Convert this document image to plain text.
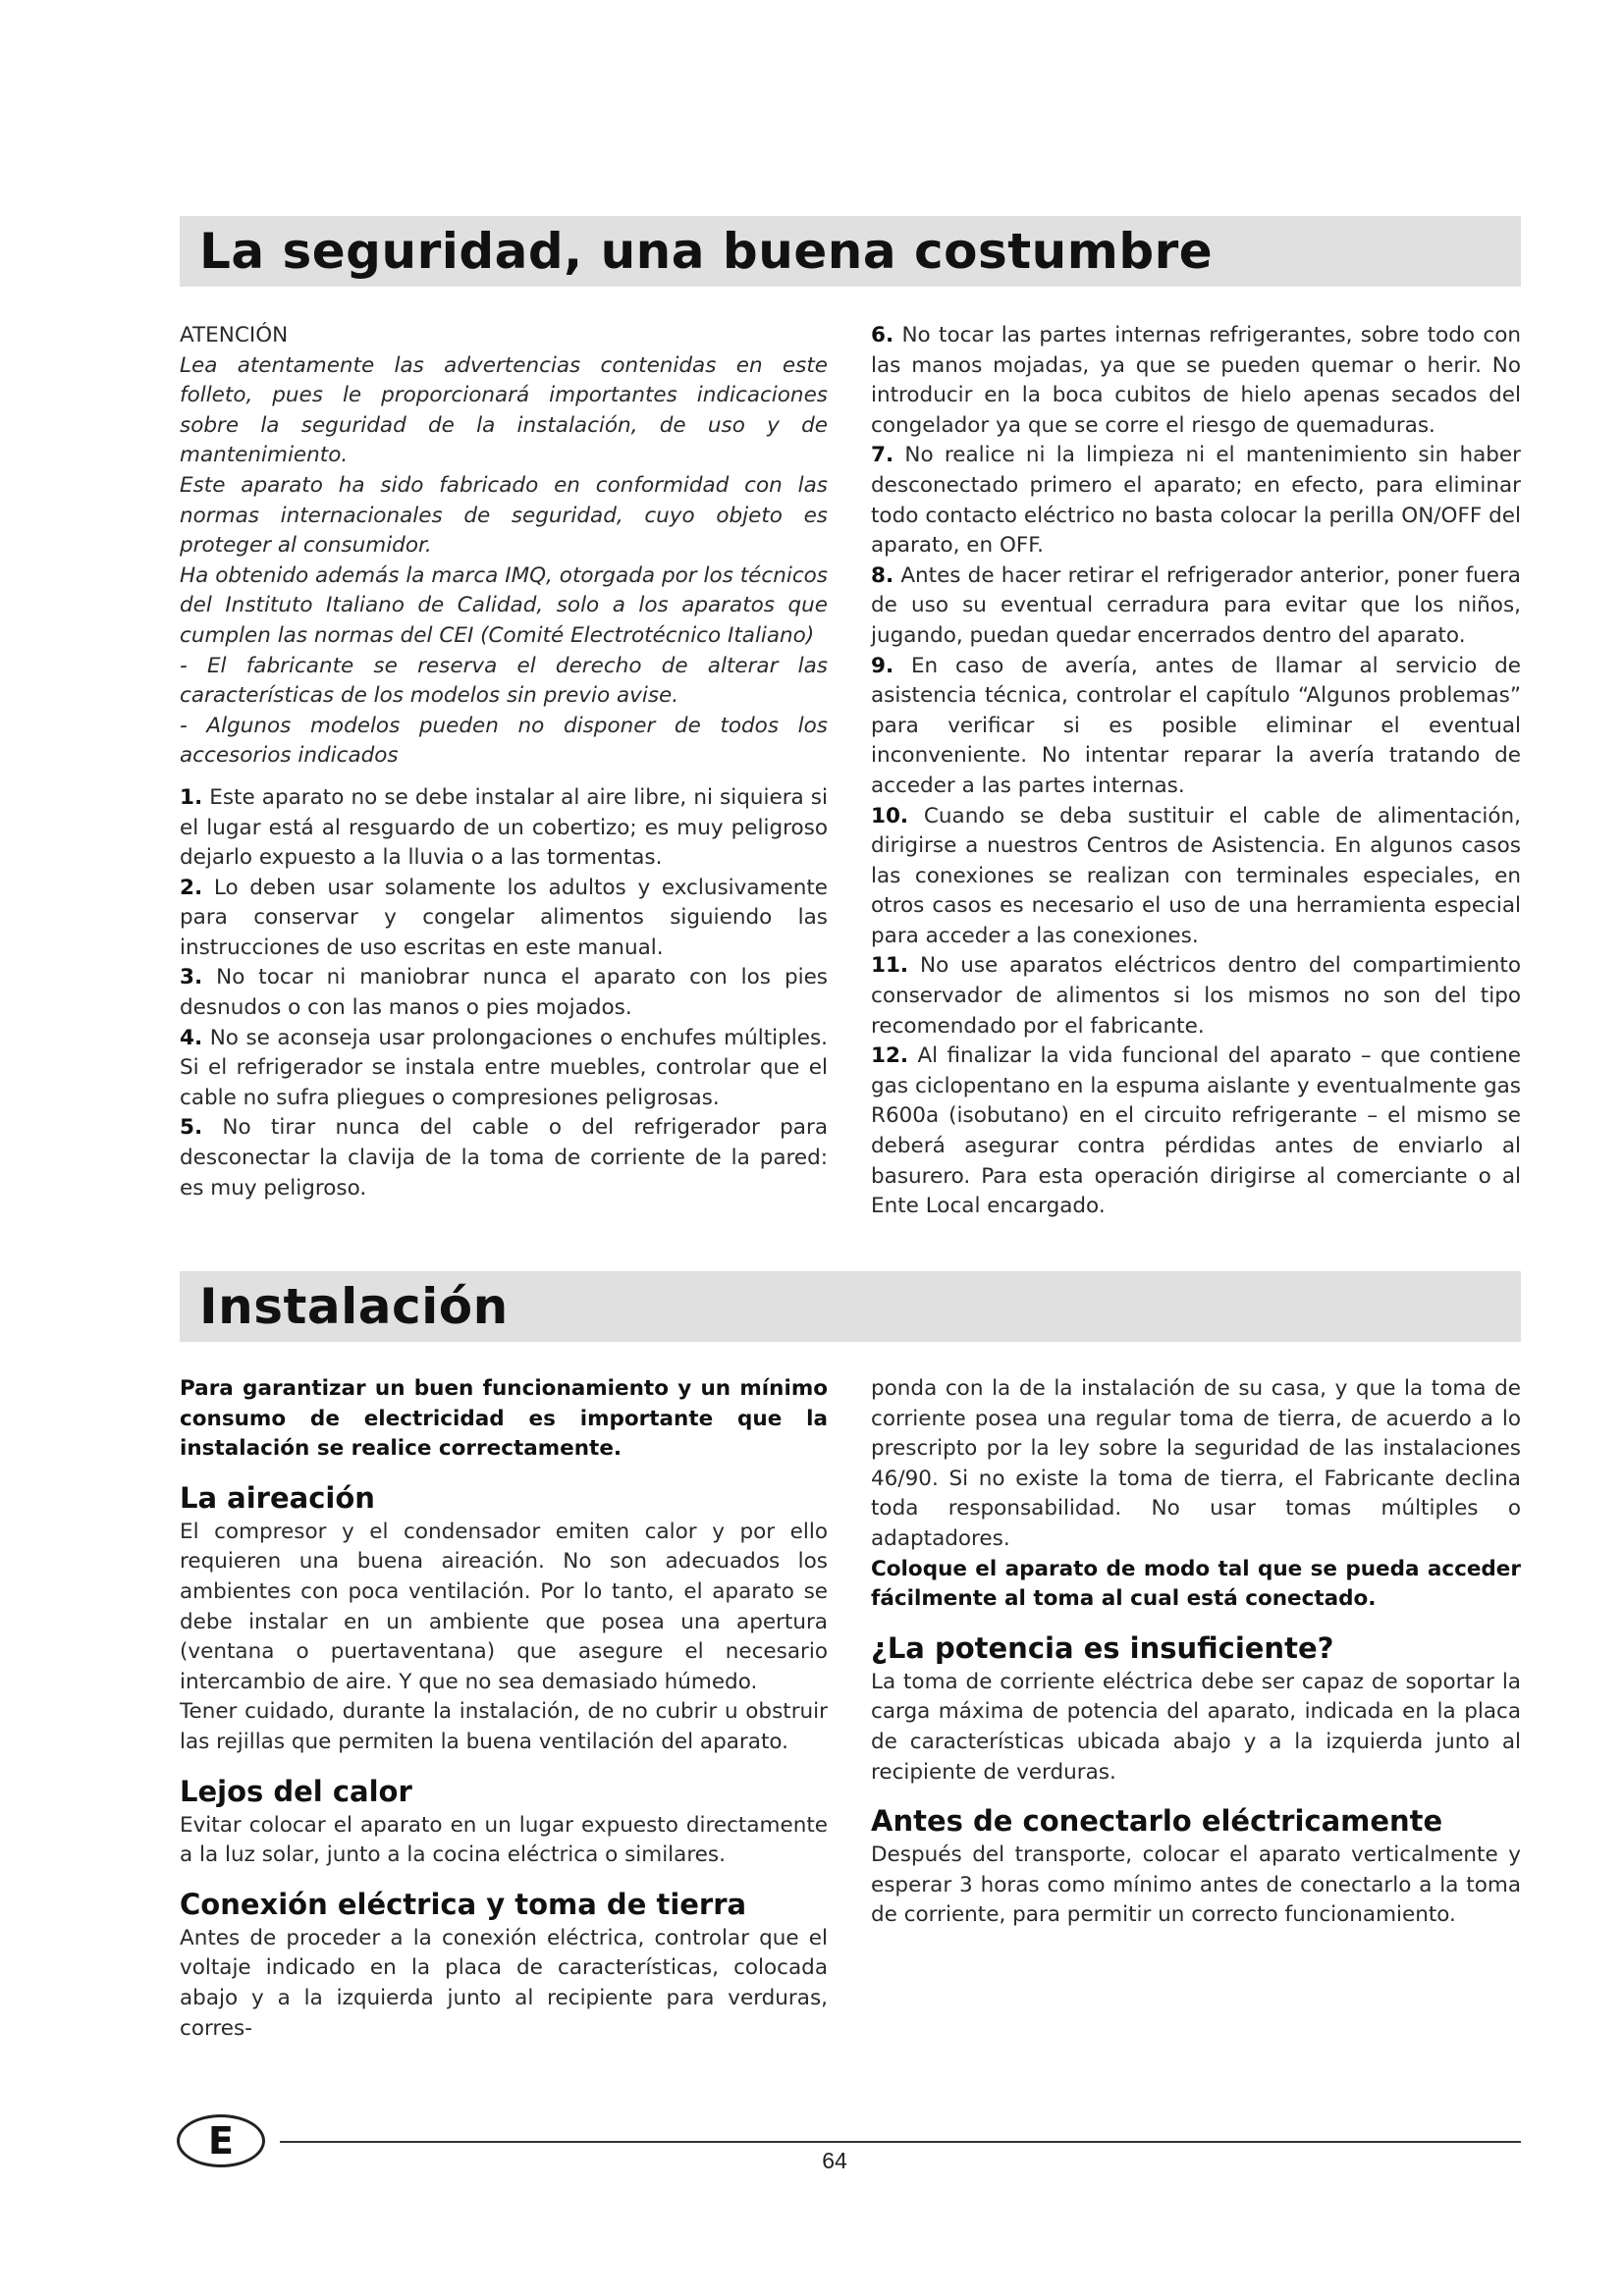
La seguridad, una buena costumbre

ATENCIÓN

Lea atentamente las advertencias contenidas en este folleto, pues le proporcionará importantes indicaciones sobre la seguridad de la instalación, de uso y de mantenimiento.

Este aparato ha sido fabricado en conformidad con las normas internacionales de seguridad, cuyo objeto es proteger al consumidor.

Ha obtenido además la marca IMQ, otorgada por los técnicos del Instituto Italiano de Calidad, solo a los aparatos que cumplen las normas del CEI (Comité Electrotécnico Italiano)

- El fabricante se reserva el derecho de alterar las características de los modelos sin previo avise.

- Algunos modelos pueden no disponer de todos los accesorios indicados

1. Este aparato no se debe instalar al aire libre, ni siquiera si el lugar está al resguardo de un cobertizo; es muy peligroso dejarlo expuesto a la lluvia o a las tormentas.

2. Lo deben usar solamente los adultos y exclusivamente para conservar y congelar alimentos siguiendo las instrucciones de uso escritas en este manual.

3. No tocar ni maniobrar nunca el aparato con los pies desnudos o con las manos o pies mojados.

4. No se aconseja usar prolongaciones o enchufes múltiples. Si el refrigerador se instala entre muebles, controlar que el cable no sufra pliegues o compresiones peligrosas.

5. No tirar nunca del cable o del refrigerador para desconectar la clavija de la toma de corriente de la pared: es muy peligroso.

6. No tocar las partes internas refrigerantes, sobre todo con las manos mojadas, ya que se pueden quemar o herir. No introducir en la boca cubitos de hielo apenas secados del congelador ya que se corre el riesgo de quemaduras.

7. No realice ni la limpieza ni el mantenimiento sin haber desconectado primero el aparato; en efecto, para eliminar todo contacto eléctrico no basta colocar la perilla ON/OFF del aparato, en OFF.

8. Antes de hacer retirar el refrigerador anterior, poner fuera de uso su eventual cerradura para evitar que los niños, jugando, puedan quedar encerrados dentro del aparato.

9. En caso de avería, antes de llamar al servicio de asistencia técnica, controlar el capítulo “Algunos problemas” para verificar si es posible eliminar el eventual inconveniente. No intentar reparar la avería tratando de acceder a las partes internas.

10. Cuando se deba sustituir el cable de alimentación, dirigirse a nuestros Centros de Asistencia. En algunos casos las conexiones se realizan con terminales especiales, en otros casos es necesario el uso de una herramienta especial para acceder a las conexiones.

11. No use aparatos eléctricos dentro del compartimiento conservador de alimentos si los mismos no son del tipo recomendado por el fabricante.

12. Al finalizar la vida funcional del aparato – que contiene gas ciclopentano en la espuma aislante y eventualmente gas R600a (isobutano) en el circuito refrigerante – el mismo se deberá asegurar contra pérdidas antes de enviarlo al basurero. Para esta operación dirigirse al comerciante o al Ente Local encargado.

Instalación

Para garantizar un buen funcionamiento y un mínimo consumo de electricidad es importante que la instalación se realice correctamente.

La aireación

El compresor y el condensador emiten calor y por ello requieren una buena aireación. No son adecuados los ambientes con poca ventilación. Por lo tanto, el aparato se debe instalar en un ambiente que posea una apertura (ventana o puertaventana) que asegure el necesario intercambio de aire. Y que no sea demasiado húmedo.

Tener cuidado, durante la instalación, de no cubrir u obstruir las rejillas que permiten la buena ventilación del aparato.

Lejos del calor

Evitar colocar el aparato en un lugar expuesto directamente a la luz solar, junto a la cocina eléctrica o similares.

Conexión eléctrica y toma de tierra

Antes de proceder a la conexión eléctrica, controlar que el voltaje indicado en la placa de características, colocada abajo y a la izquierda junto al recipiente para verduras, corres-

ponda con la de la instalación de su casa, y que la toma de corriente posea una regular toma de tierra, de acuerdo a lo prescripto por la ley sobre la seguridad de las instalaciones 46/90. Si no existe la toma de tierra, el Fabricante declina toda responsabilidad. No usar tomas múltiples o adaptadores.

Coloque el aparato de modo tal que se pueda acceder fácilmente al toma al cual está conectado.

¿La potencia es insuficiente?

La toma de corriente eléctrica debe ser capaz de soportar la carga máxima de potencia del aparato, indicada en la placa de características ubicada abajo y a la izquierda junto al recipiente de verduras.

Antes de conectarlo eléctricamente

Después del transporte, colocar el aparato verticalmente y esperar 3 horas como mínimo antes de conectarlo a la toma de corriente, para permitir un correcto funcionamiento.

E	64
